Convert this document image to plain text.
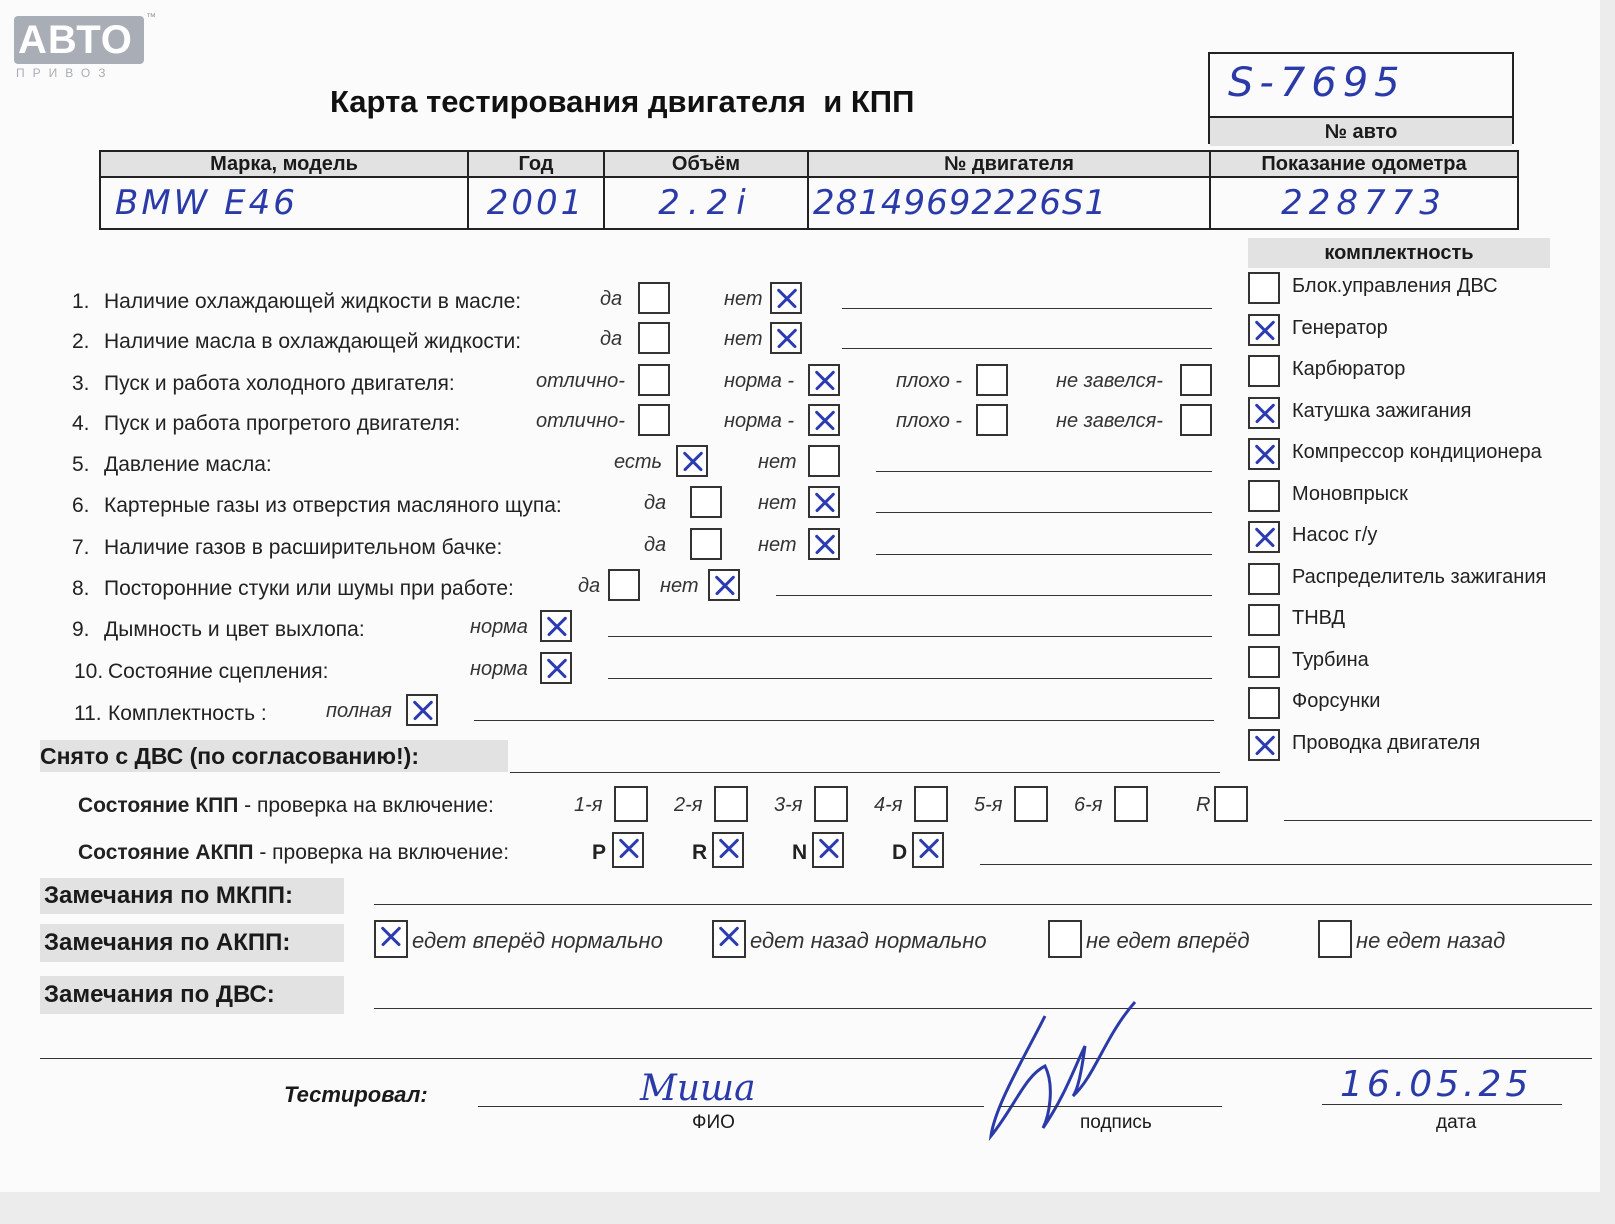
АВТО
™
ПРИВОЗ
Карта тестирования двигателя  и КПП	S-7695
№ авто
Марка, модель	Год	Объём	№ двигателя	Показание одометра
BMW E46	2001	2.2i	28149692226S1	228773
комплектность
Блок.управления ДВС
Генератор
Карбюратор
Катушка зажигания
Компрессор кондиционера
Моновпрыск
Насос г/у
Распределитель зажигания
ТНВД
Турбина
Форсунки
Проводка двигателя
1. Наличие охлаждающей жидкости в масле:	да	нет
2. Наличие масла в охлаждающей жидкости:	да	нет
3. Пуск и работа холодного двигателя:	отлично-	норма -	плохо -	не завелся-
4. Пуск и работа прогретого двигателя:	отлично-	норма -	плохо -	не завелся-
5. Давление масла:	есть	нет
6. Картерные газы из отверстия масляного щупа:	да	нет
7. Наличие газов в расширительном бачке:	да	нет
8. Посторонние стуки или шумы при работе:	да	нет
9. Дымность и цвет выхлопа:	норма
10. Состояние сцепления:	норма
11. Комплектность :	полная
Снято с ДВС (по согласованию!):
Состояние КПП - проверка на включение:	1-я	2-я	3-я	4-я	5-я	6-я	R
Состояние АКПП - проверка на включение:	P	R	N	D
Замечания по МКПП:
Замечания по АКПП:	едет вперёд нормально	едет назад нормально	не едет вперёд	не едет назад
Замечания по ДВС:
Тестировал:	Миша
ФИО	подпись
16.05.25
дата
